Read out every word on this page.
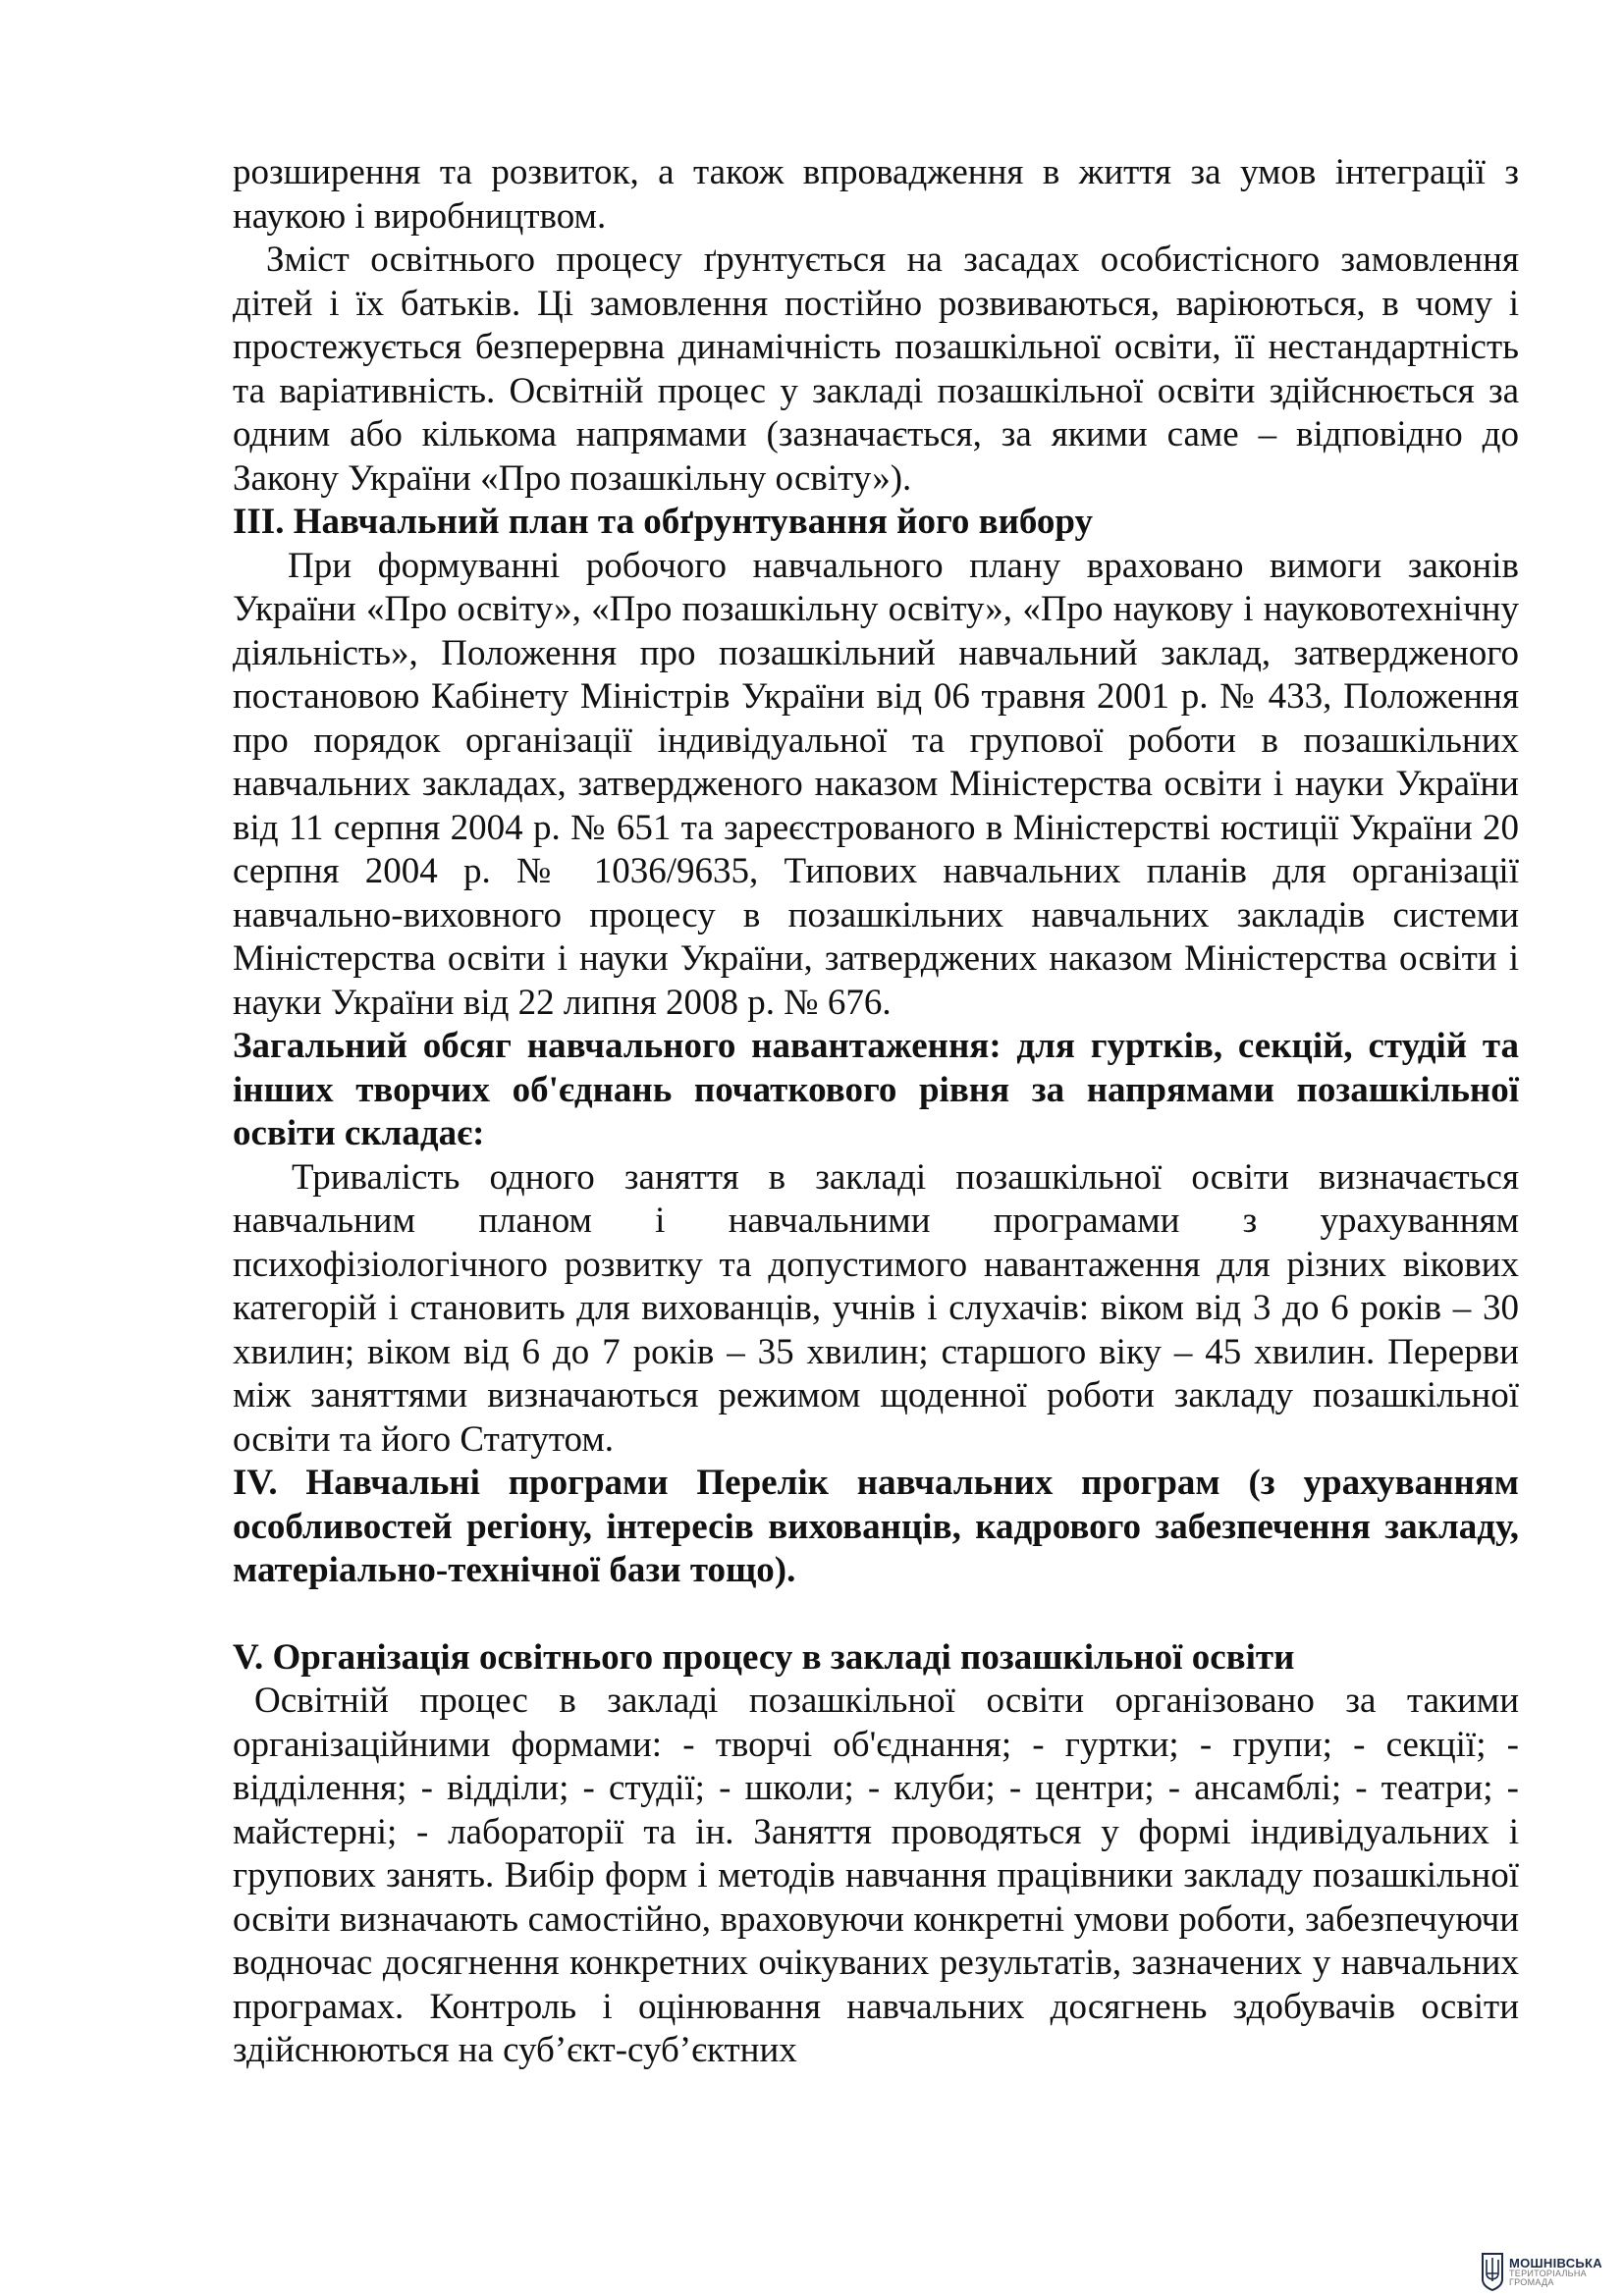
розширення та розвиток, а також впровадження в життя за умов інтеграції з наукою і виробництвом.

Зміст освітнього процесу ґрунтується на засадах особистісного замовлення дітей і їх батьків. Ці замовлення постійно розвиваються, варіюються, в чому і простежується безперервна динамічність позашкільної освіти, її нестандартність та варіативність. Освітній процес у закладі позашкільної освіти здійснюється за одним або кількома напрямами (зазначається, за якими саме – відповідно до Закону України «Про позашкільну освіту»).

ІІІ. Навчальний план та обґрунтування його вибору

При формуванні робочого навчального плану враховано вимоги законів України «Про освіту», «Про позашкільну освіту», «Про наукову і науковотехнічну діяльність», Положення про позашкільний навчальний заклад, затвердженого постановою Кабінету Міністрів України від 06 травня 2001 р. № 433, Положення про порядок організації індивідуальної та групової роботи в позашкільних навчальних закладах, затвердженого наказом Міністерства освіти і науки України від 11 серпня 2004 р. № 651 та зареєстрованого в Міністерстві юстиції України 20 серпня 2004 р. № 1036/9635, Типових навчальних планів для організації навчально-виховного процесу в позашкільних навчальних закладів системи Міністерства освіти і науки України, затверджених наказом Міністерства освіти і науки України від 22 липня 2008 р. № 676.

Загальний обсяг навчального навантаження: для гуртків, секцій, студій та інших творчих об'єднань початкового рівня за напрямами позашкільної освіти складає:

Тривалість одного заняття в закладі позашкільної освіти визначається навчальним планом і навчальними програмами з урахуванням психофізіологічного розвитку та допустимого навантаження для різних вікових категорій і становить для вихованців, учнів і слухачів: віком від 3 до 6 років – 30 хвилин; віком від 6 до 7 років – 35 хвилин; старшого віку – 45 хвилин. Перерви між заняттями визначаються режимом щоденної роботи закладу позашкільної освіти та його Статутом.

IV. Навчальні програми Перелік навчальних програм (з урахуванням особливостей регіону, інтересів вихованців, кадрового забезпечення закладу, матеріально-технічної бази тощо).
V. Організація освітнього процесу в закладі позашкільної освіти

Освітній процес в закладі позашкільної освіти організовано за такими організаційними формами: ‐ творчі об'єднання; ‐ гуртки; ‐ групи; ‐ секції; ‐ відділення; ‐ відділи; ‐ студії; ‐ школи; ‐ клуби; ‐ центри; ‐ ансамблі; ‐ театри; ‐ майстерні; ‐ лабораторії та ін. Заняття проводяться у формі індивідуальних і групових занять. Вибір форм і методів навчання працівники закладу позашкільної освіти визначають самостійно, враховуючи конкретні умови роботи, забезпечуючи водночас досягнення конкретних очікуваних результатів, зазначених у навчальних програмах. Контроль і оцінювання навчальних досягнень здобувачів освіти здійснюються на суб’єкт-суб’єктних

МОШНІВСЬКА
ТЕРИТОРІАЛЬНА
ГРОМАДА
